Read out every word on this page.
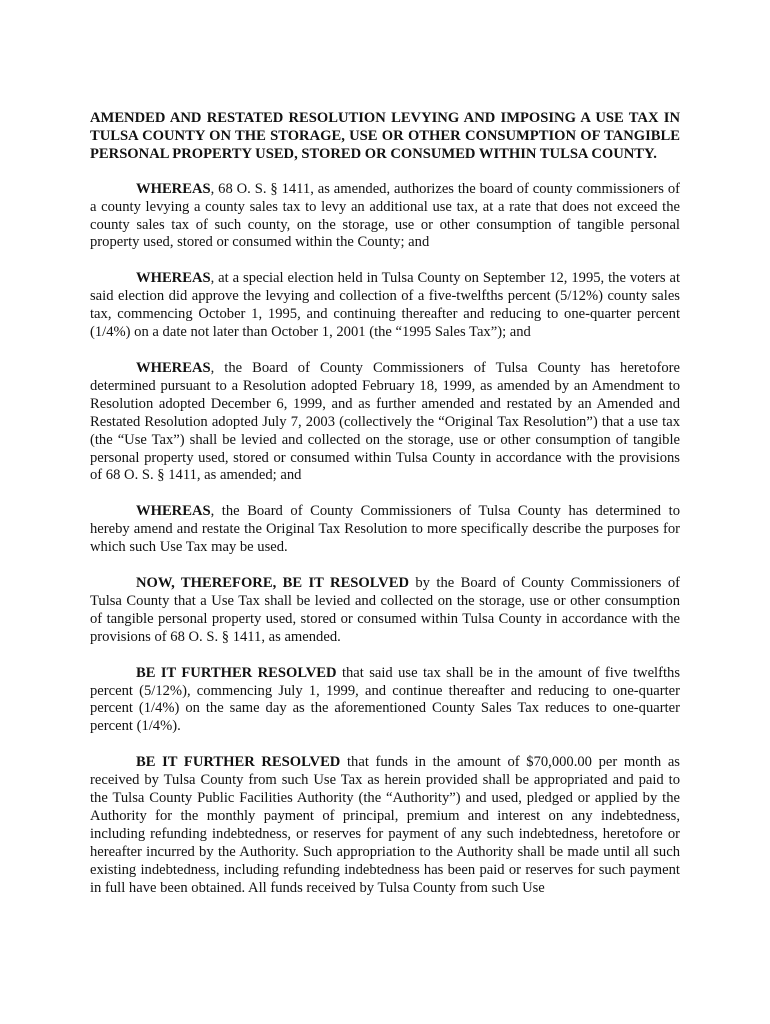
AMENDED AND RESTATED RESOLUTION LEVYING AND IMPOSING A USE TAX IN TULSA COUNTY ON THE STORAGE, USE OR OTHER CONSUMPTION OF TANGIBLE PERSONAL PROPERTY USED, STORED OR CONSUMED WITHIN TULSA COUNTY.

WHEREAS, 68 O. S. § 1411, as amended, authorizes the board of county commissioners of a county levying a county sales tax to levy an additional use tax, at a rate that does not exceed the county sales tax of such county, on the storage, use or other consumption of tangible personal property used, stored or consumed within the County; and

WHEREAS, at a special election held in Tulsa County on September 12, 1995, the voters at said election did approve the levying and collection of a five-twelfths percent (5/12%) county sales tax, commencing October 1, 1995, and continuing thereafter and reducing to one-quarter percent (1/4%) on a date not later than October 1, 2001 (the “1995 Sales Tax”); and

WHEREAS, the Board of County Commissioners of Tulsa County has heretofore determined pursuant to a Resolution adopted February 18, 1999, as amended by an Amendment to Resolution adopted December 6, 1999, and as further amended and restated by an Amended and Restated Resolution adopted July 7, 2003 (collectively the “Original Tax Resolution”) that a use tax (the “Use Tax”) shall be levied and collected on the storage, use or other consumption of tangible personal property used, stored or consumed within Tulsa County in accordance with the provisions of 68 O. S. § 1411, as amended; and

WHEREAS, the Board of County Commissioners of Tulsa County has determined to hereby amend and restate the Original Tax Resolution to more specifically describe the purposes for which such Use Tax may be used.

NOW, THEREFORE, BE IT RESOLVED by the Board of County Commissioners of Tulsa County that a Use Tax shall be levied and collected on the storage, use or other consumption of tangible personal property used, stored or consumed within Tulsa County in accordance with the provisions of 68 O. S. § 1411, as amended.

BE IT FURTHER RESOLVED that said use tax shall be in the amount of five twelfths percent (5/12%), commencing July 1, 1999, and continue thereafter and reducing to one-quarter percent (1/4%) on the same day as the aforementioned County Sales Tax reduces to one-quarter percent (1/4%).

BE IT FURTHER RESOLVED that funds in the amount of $70,000.00 per month as received by Tulsa County from such Use Tax as herein provided shall be appropriated and paid to the Tulsa County Public Facilities Authority (the “Authority”) and used, pledged or applied by the Authority for the monthly payment of principal, premium and interest on any indebtedness, including refunding indebtedness, or reserves for payment of any such indebtedness, heretofore or hereafter incurred by the Authority. Such appropriation to the Authority shall be made until all such existing indebtedness, including refunding indebtedness has been paid or reserves for such payment in full have been obtained. All funds received by Tulsa County from such Use
